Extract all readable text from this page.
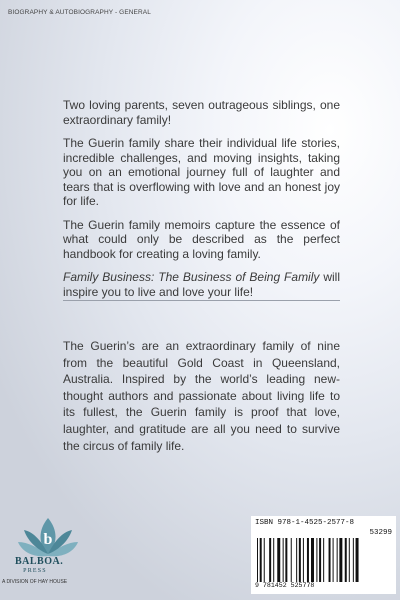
BIOGRAPHY & AUTOBIOGRAPHY - GENERAL

Two loving parents, seven outrageous siblings, one extraordinary family!

The Guerin family share their individual life stories, incredible challenges, and moving insights, taking you on an emotional journey full of laughter and tears that is overflowing with love and an honest joy for life.

The Guerin family memoirs capture the essence of what could only be described as the perfect handbook for creating a loving family.

Family Business: The Business of Being Family will inspire you to live and love your life!

The Guerin’s are an extraordinary family of nine from the beautiful Gold Coast in Queensland, Australia. Inspired by the world’s leading new-thought authors and passionate about living life to its fullest, the Guerin family is proof that love, laughter, and gratitude are all you need to survive the circus of family life.

b
BALBOA.
PRESS
A DIVISION OF HAY HOUSE
ISBN 978-1-4525-2577-8
53299
9 781452 525778
